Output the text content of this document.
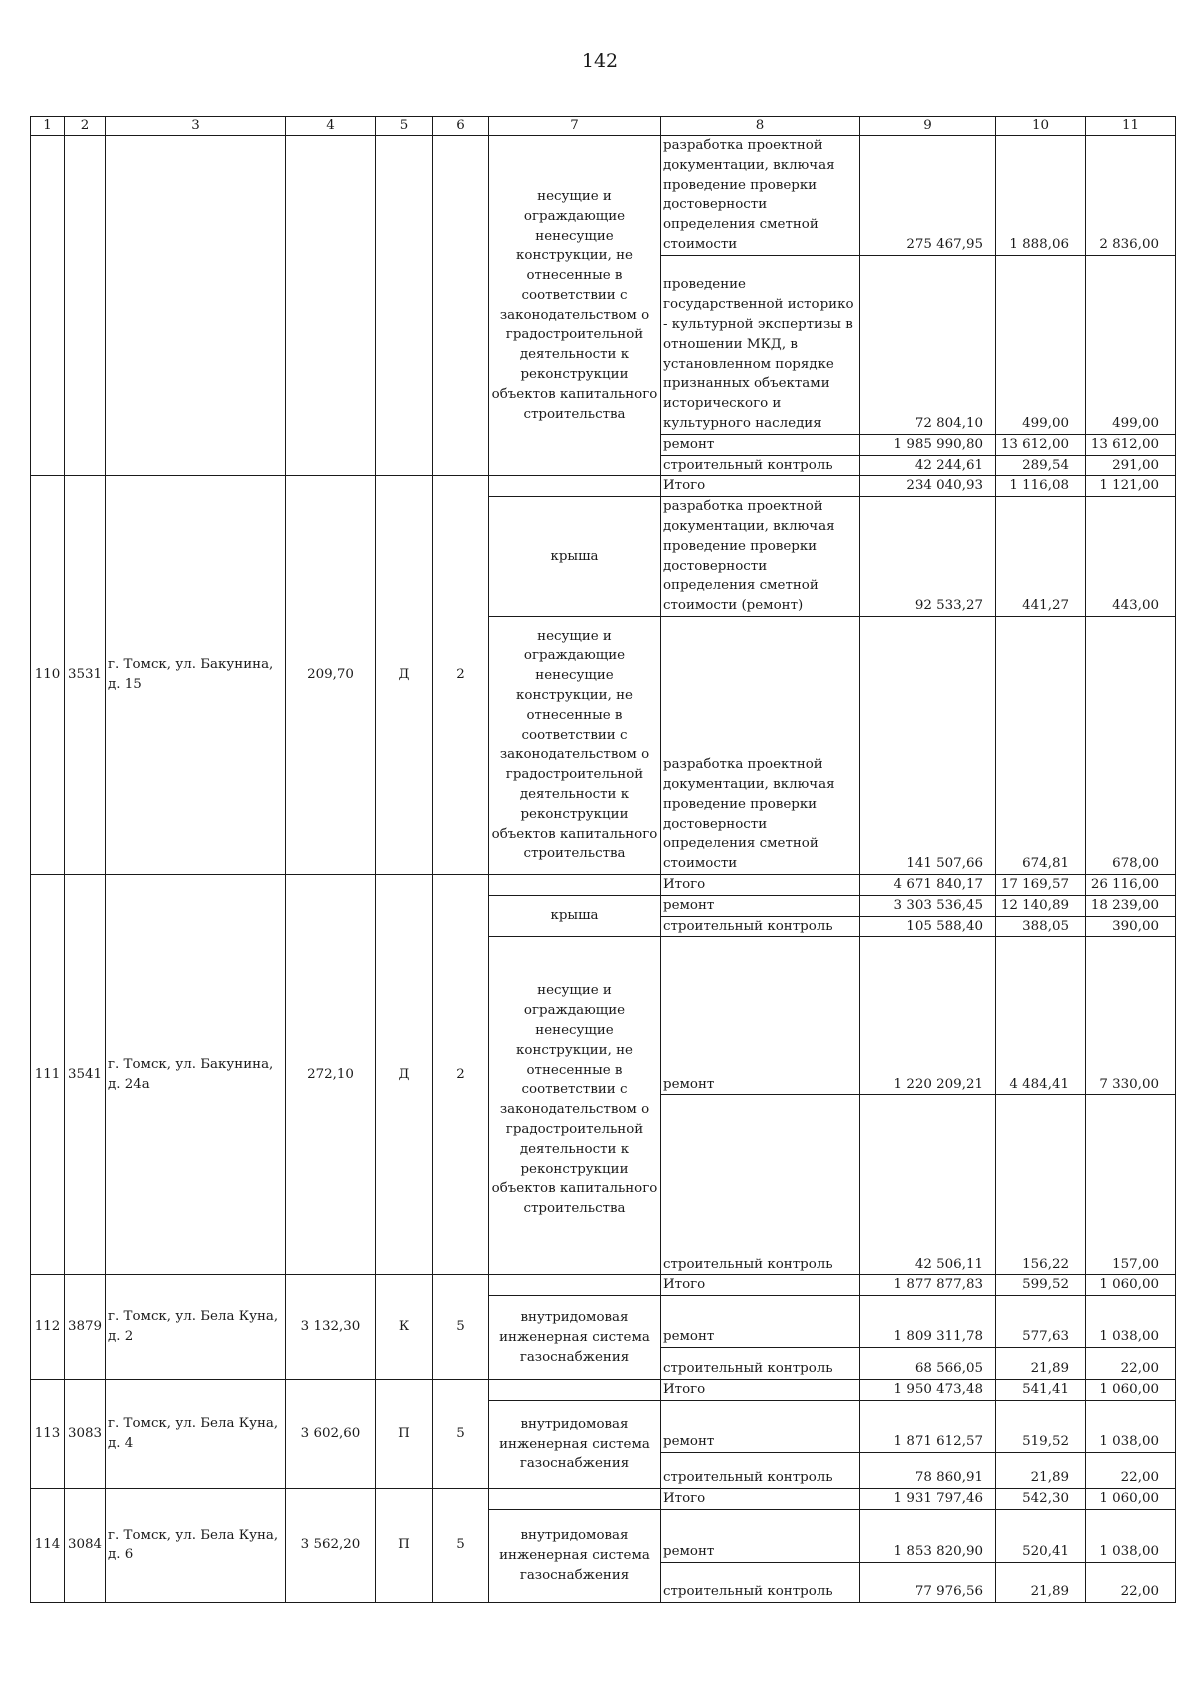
142
1	2	3	4	5	6	7	8	9	10	11
						несущие и ограждающие ненесущие конструкции, не отнесенные в соответствии с законодательством о градостроительной деятельности к реконструкции объектов капитального строительства	разработка проектной документации, включая проведение проверки достоверности определения сметной стоимости	275 467,95	1 888,06	2 836,00
							проведение государственной историко - культурной экспертизы в отношении МКД, в установленном порядке признанных объектами исторического и культурного наследия	72 804,10	499,00	499,00
							ремонт	1 985 990,80	13 612,00	13 612,00
							строительный контроль	42 244,61	289,54	291,00
110	3531	г. Томск, ул. Бакунина, д. 15	209,70	Д	2		Итого	234 040,93	1 116,08	1 121,00
						крыша	разработка проектной документации, включая проведение проверки достоверности определения сметной стоимости (ремонт)	92 533,27	441,27	443,00
						несущие и ограждающие ненесущие конструкции, не отнесенные в соответствии с законодательством о градостроительной деятельности к реконструкции объектов капитального строительства	разработка проектной документации, включая проведение проверки достоверности определения сметной стоимости	141 507,66	674,81	678,00
111	3541	г. Томск, ул. Бакунина, д. 24а	272,10	Д	2		Итого	4 671 840,17	17 169,57	26 116,00
						крыша	ремонт	3 303 536,45	12 140,89	18 239,00
							строительный контроль	105 588,40	388,05	390,00
						несущие и ограждающие ненесущие конструкции, не отнесенные в соответствии с законодательством о градостроительной деятельности к реконструкции объектов капитального строительства	ремонт	1 220 209,21	4 484,41	7 330,00
							строительный контроль	42 506,11	156,22	157,00
112	3879	г. Томск, ул. Бела Куна, д. 2	3 132,30	К	5		Итого	1 877 877,83	599,52	1 060,00
						внутридомовая инженерная система газоснабжения	ремонт	1 809 311,78	577,63	1 038,00
							строительный контроль	68 566,05	21,89	22,00
113	3083	г. Томск, ул. Бела Куна, д. 4	3 602,60	П	5		Итого	1 950 473,48	541,41	1 060,00
						внутридомовая инженерная система газоснабжения	ремонт	1 871 612,57	519,52	1 038,00
							строительный контроль	78 860,91	21,89	22,00
114	3084	г. Томск, ул. Бела Куна, д. 6	3 562,20	П	5		Итого	1 931 797,46	542,30	1 060,00
						внутридомовая инженерная система газоснабжения	ремонт	1 853 820,90	520,41	1 038,00
							строительный контроль	77 976,56	21,89	22,00
